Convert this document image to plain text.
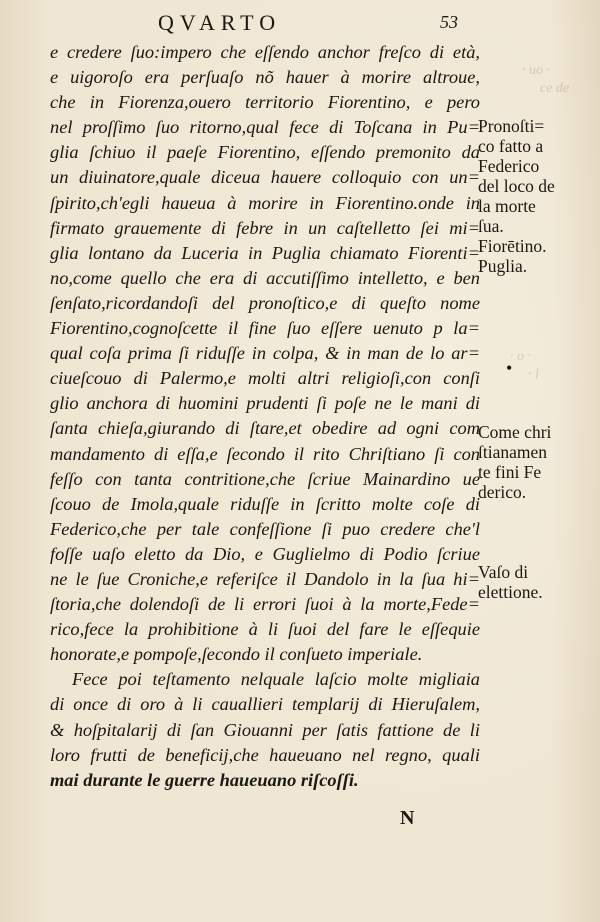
· uo ·
ce de
· o ·
· l
QVARTO	53
e credere ſuo:impero che eſſendo anchor freſco di età,
e uigoroſo era perſuaſo nõ hauer à morire altroue,
che in Fiorenza,ouero territorio Fiorentino, e pero
nel proſſimo ſuo ritorno,qual fece di Toſcana in Pu=
glia ſchiuo il paeſe Fiorentino, eſſendo premonito da
un diuinatore,quale diceua hauere colloquio con un=
ſpirito,ch'egli haueua à morire in Fiorentino.onde in
firmato grauemente di febre in un caſtelletto ſei mi=
glia lontano da Luceria in Puglia chiamato Fiorenti=
no,come quello che era di accutiſſimo intelletto, e ben
ſenſato,ricordandoſi del pronoſtico,e di queſto nome
Fiorentino,cognoſcette il fine ſuo eſſere uenuto p la=
qual coſa prima ſi riduſſe in colpa, & in man de lo ar=
ciueſcouo di Palermo,e molti altri religioſi,con conſi
glio anchora di huomini prudenti ſi poſe ne le mani di
ſanta chieſa,giurando di ſtare,et obedire ad ogni com
mandamento di eſſa,e ſecondo il rito Chriſtiano ſi con
feſſo con tanta contritione,che ſcriue Mainardino ue
ſcouo de Imola,quale riduſſe in ſcritto molte coſe di
Federico,che per tale confeſſione ſi puo credere che'l
foſſe uaſo eletto da Dio, e Guglielmo di Podio ſcriue
ne le ſue Croniche,e referiſce il Dandolo in la ſua hi=
ſtoria,che dolendoſi de li errori ſuoi à la morte,Fede=
rico,fece la prohibitione à li ſuoi del fare le eſſequie
honorate,e pompoſe,ſecondo il conſueto imperiale.
Fece poi teſtamento nelquale laſcio molte migliaia
di once di oro à li cauallieri templarij di Hieruſalem,
& hoſpitalarij di ſan Giouanni per ſatis fattione de li
loro frutti de beneficij,che haueuano nel regno, quali
mai durante le guerre haueuano riſcoſſi.
Pronoſti=
co fatto a
Federico
del loco de
la morte
ſua.
Fiorētino.
Puglia.
•
Come chri
ſtianamen
te fini Fe
derico.
Vaſo di
elettione.
N
